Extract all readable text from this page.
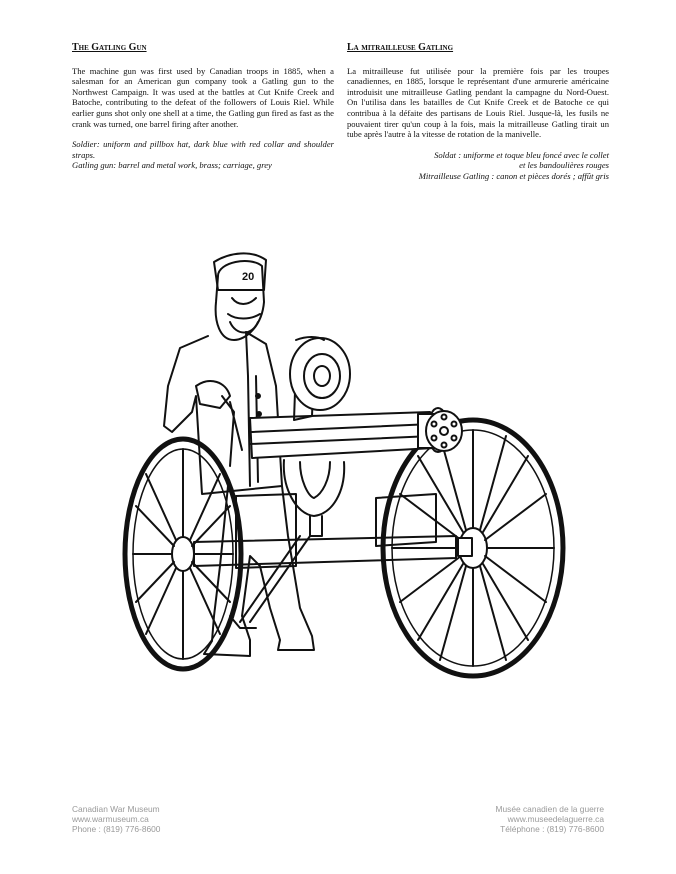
The Gatling Gun

The machine gun was first used by Canadian troops in 1885, when a salesman for an American gun company took a Gatling gun to the Northwest Campaign. It was used at the battles at Cut Knife Creek and Batoche, contributing to the defeat of the followers of Louis Riel. While earlier guns shot only one shell at a time, the Gatling gun fired as fast as the crank was turned, one barrel firing after another.

Soldier: uniform and pillbox hat, dark blue with red collar and shoulder straps.

Gatling gun: barrel and metal work, brass; carriage, grey

La mitrailleuse Gatling

La mitrailleuse fut utilisée pour la première fois par les troupes canadiennes, en 1885, lorsque le représentant d'une armurerie américaine introduisit une mitrailleuse Gatling pendant la campagne du Nord-Ouest. On l'utilisa dans les batailles de Cut Knife Creek et de Batoche ce qui contribua à la défaite des partisans de Louis Riel. Jusque-là, les fusils ne pouvaient tirer qu'un coup à la fois, mais la mitrailleuse Gatling tirait un tube après l'autre à la vitesse de rotation de la manivelle.

Soldat : uniforme et toque bleu foncé avec le collet

et les bandoulières rouges

Mitrailleuse Gatling : canon et pièces dorés ; affût gris

20
Canadian War Museum
www.warmuseum.ca
Phone : (819) 776-8600
Musée canadien de la guerre
www.museedelaguerre.ca
Téléphone : (819) 776-8600
